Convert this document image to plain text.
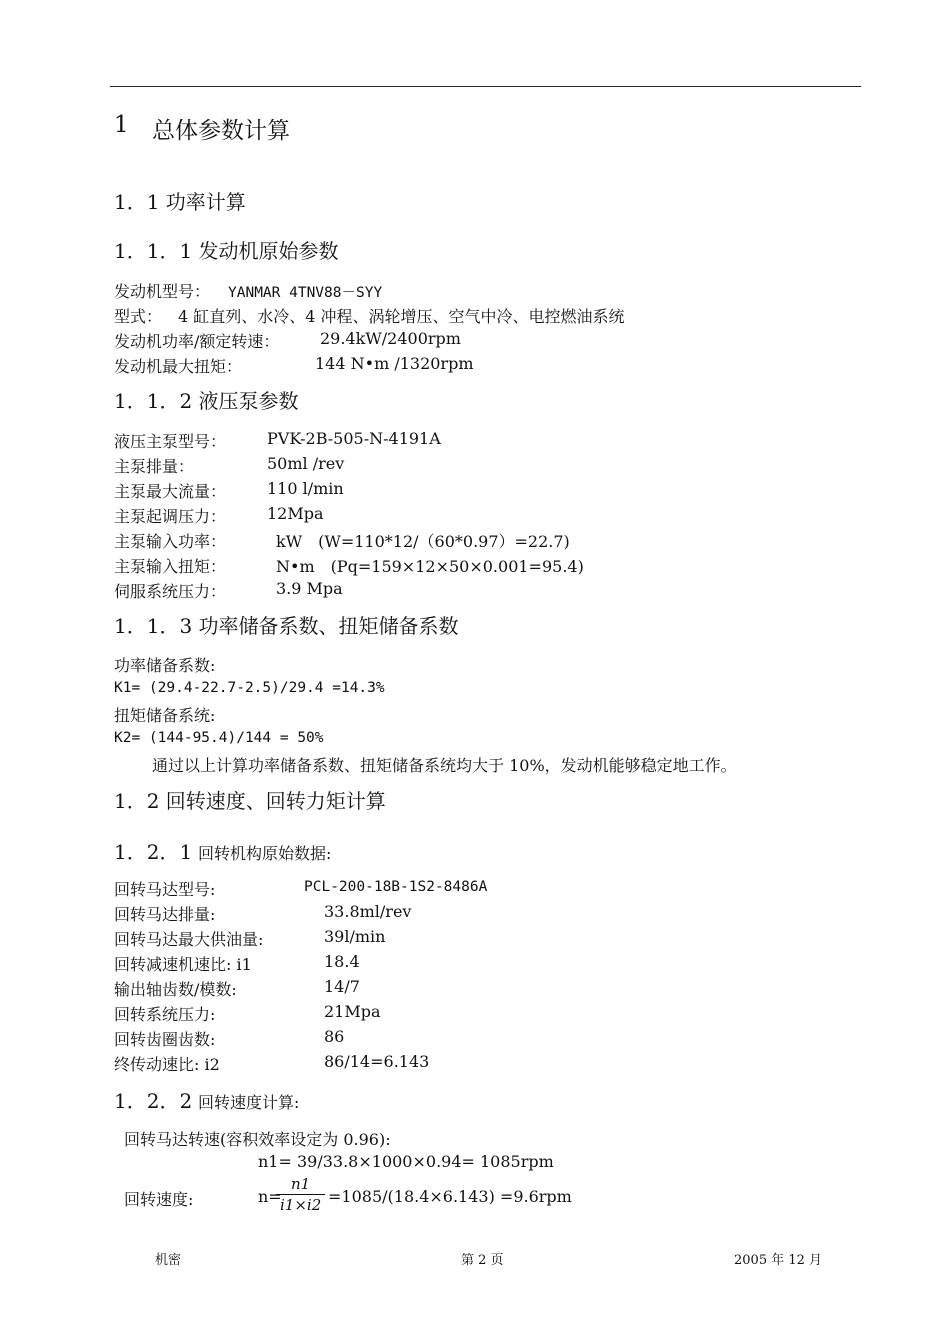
1 总体参数计算
1．1 功率计算
1．1．1 发动机原始参数
发动机型号： YANMAR 4TNV88－SYY
型式： 4 缸直列、水冷、4 冲程、涡轮增压、空气中冷、电控燃油系统
发动机功率/额定转速：	29.4kW/2400rpm
发动机最大扭矩：	144 N•m /1320rpm
1．1．2 液压泵参数
液压主泵型号：	PVK-2B-505-N-4191A
主泵排量：	50ml /rev
主泵最大流量：	110 l/min
主泵起调压力：	12Mpa
主泵输入功率：	kW　(W=110*12/（60*0.97）=22.7)
主泵输入扭矩：	N•m　(Pq=159×12×50×0.001=95.4)
伺服系统压力：	3.9 Mpa
1．1．3 功率储备系数、扭矩储备系数
功率储备系数:
K1= (29.4-22.7-2.5)/29.4 =14.3%
扭矩储备系统:
K2= (144-95.4)/144 = 50%
通过以上计算功率储备系数、扭矩储备系统均大于 10%，发动机能够稳定地工作。
1．2 回转速度、回转力矩计算
1．2．1 回转机构原始数据:
回转马达型号:	PCL-200-18B-1S2-8486A
回转马达排量:	33.8ml/rev
回转马达最大供油量:	39l/min
回转减速机速比: i1	18.4
输出轴齿数/模数:	14/7
回转系统压力:	21Mpa
回转齿圈齿数:	86
终传动速比: i2	86/14=6.143
1．2．2 回转速度计算:
回转马达转速(容积效率设定为 0.96):
n1= 39/33.8×1000×0.94= 1085rpm
回转速度:	n=
n1
i1×i2 =1085/(18.4×6.143) =9.6rpm
机密	第 2 页	2005 年 12 月
